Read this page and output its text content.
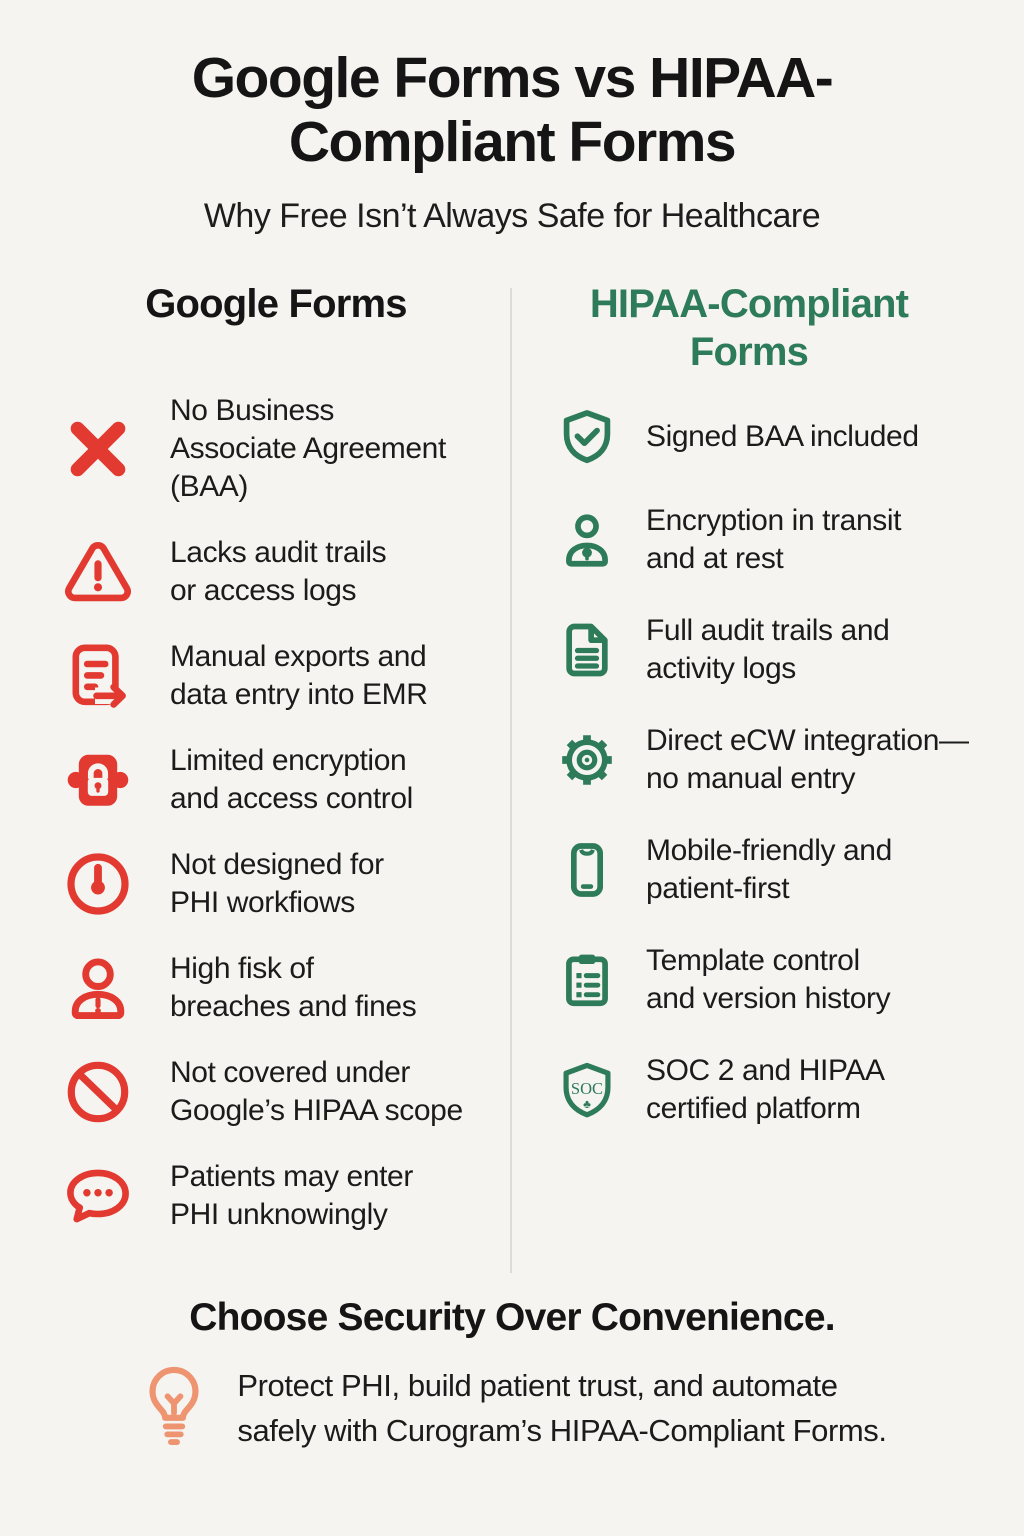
Google Forms vs HIPAA-Compliant Forms
Why Free Isn’t Always Safe for Healthcare
Google Forms
No Business
Associate Agreement
(BAA)
Lacks audit trails
or access logs
Manual exports and
data entry into EMR
Limited encryption
and access control
Not designed for
PHI workfiows
High fisk of
breaches and fines
Not covered under
Google’s HIPAA scope
Patients may enter
PHI unknowingly
HIPAA-Compliant Forms
Signed BAA included
Encryption in transit
and at rest
Full audit trails and
activity logs
Direct eCW integration—
no manual entry
Mobile-friendly and
patient-first
Template control
and version history
SOC
♣
SOC 2 and HIPAA
certified platform
Choose Security Over Convenience.
Protect PHI, build patient trust, and automate
safely with Curogram’s HIPAA-Compliant Forms.
